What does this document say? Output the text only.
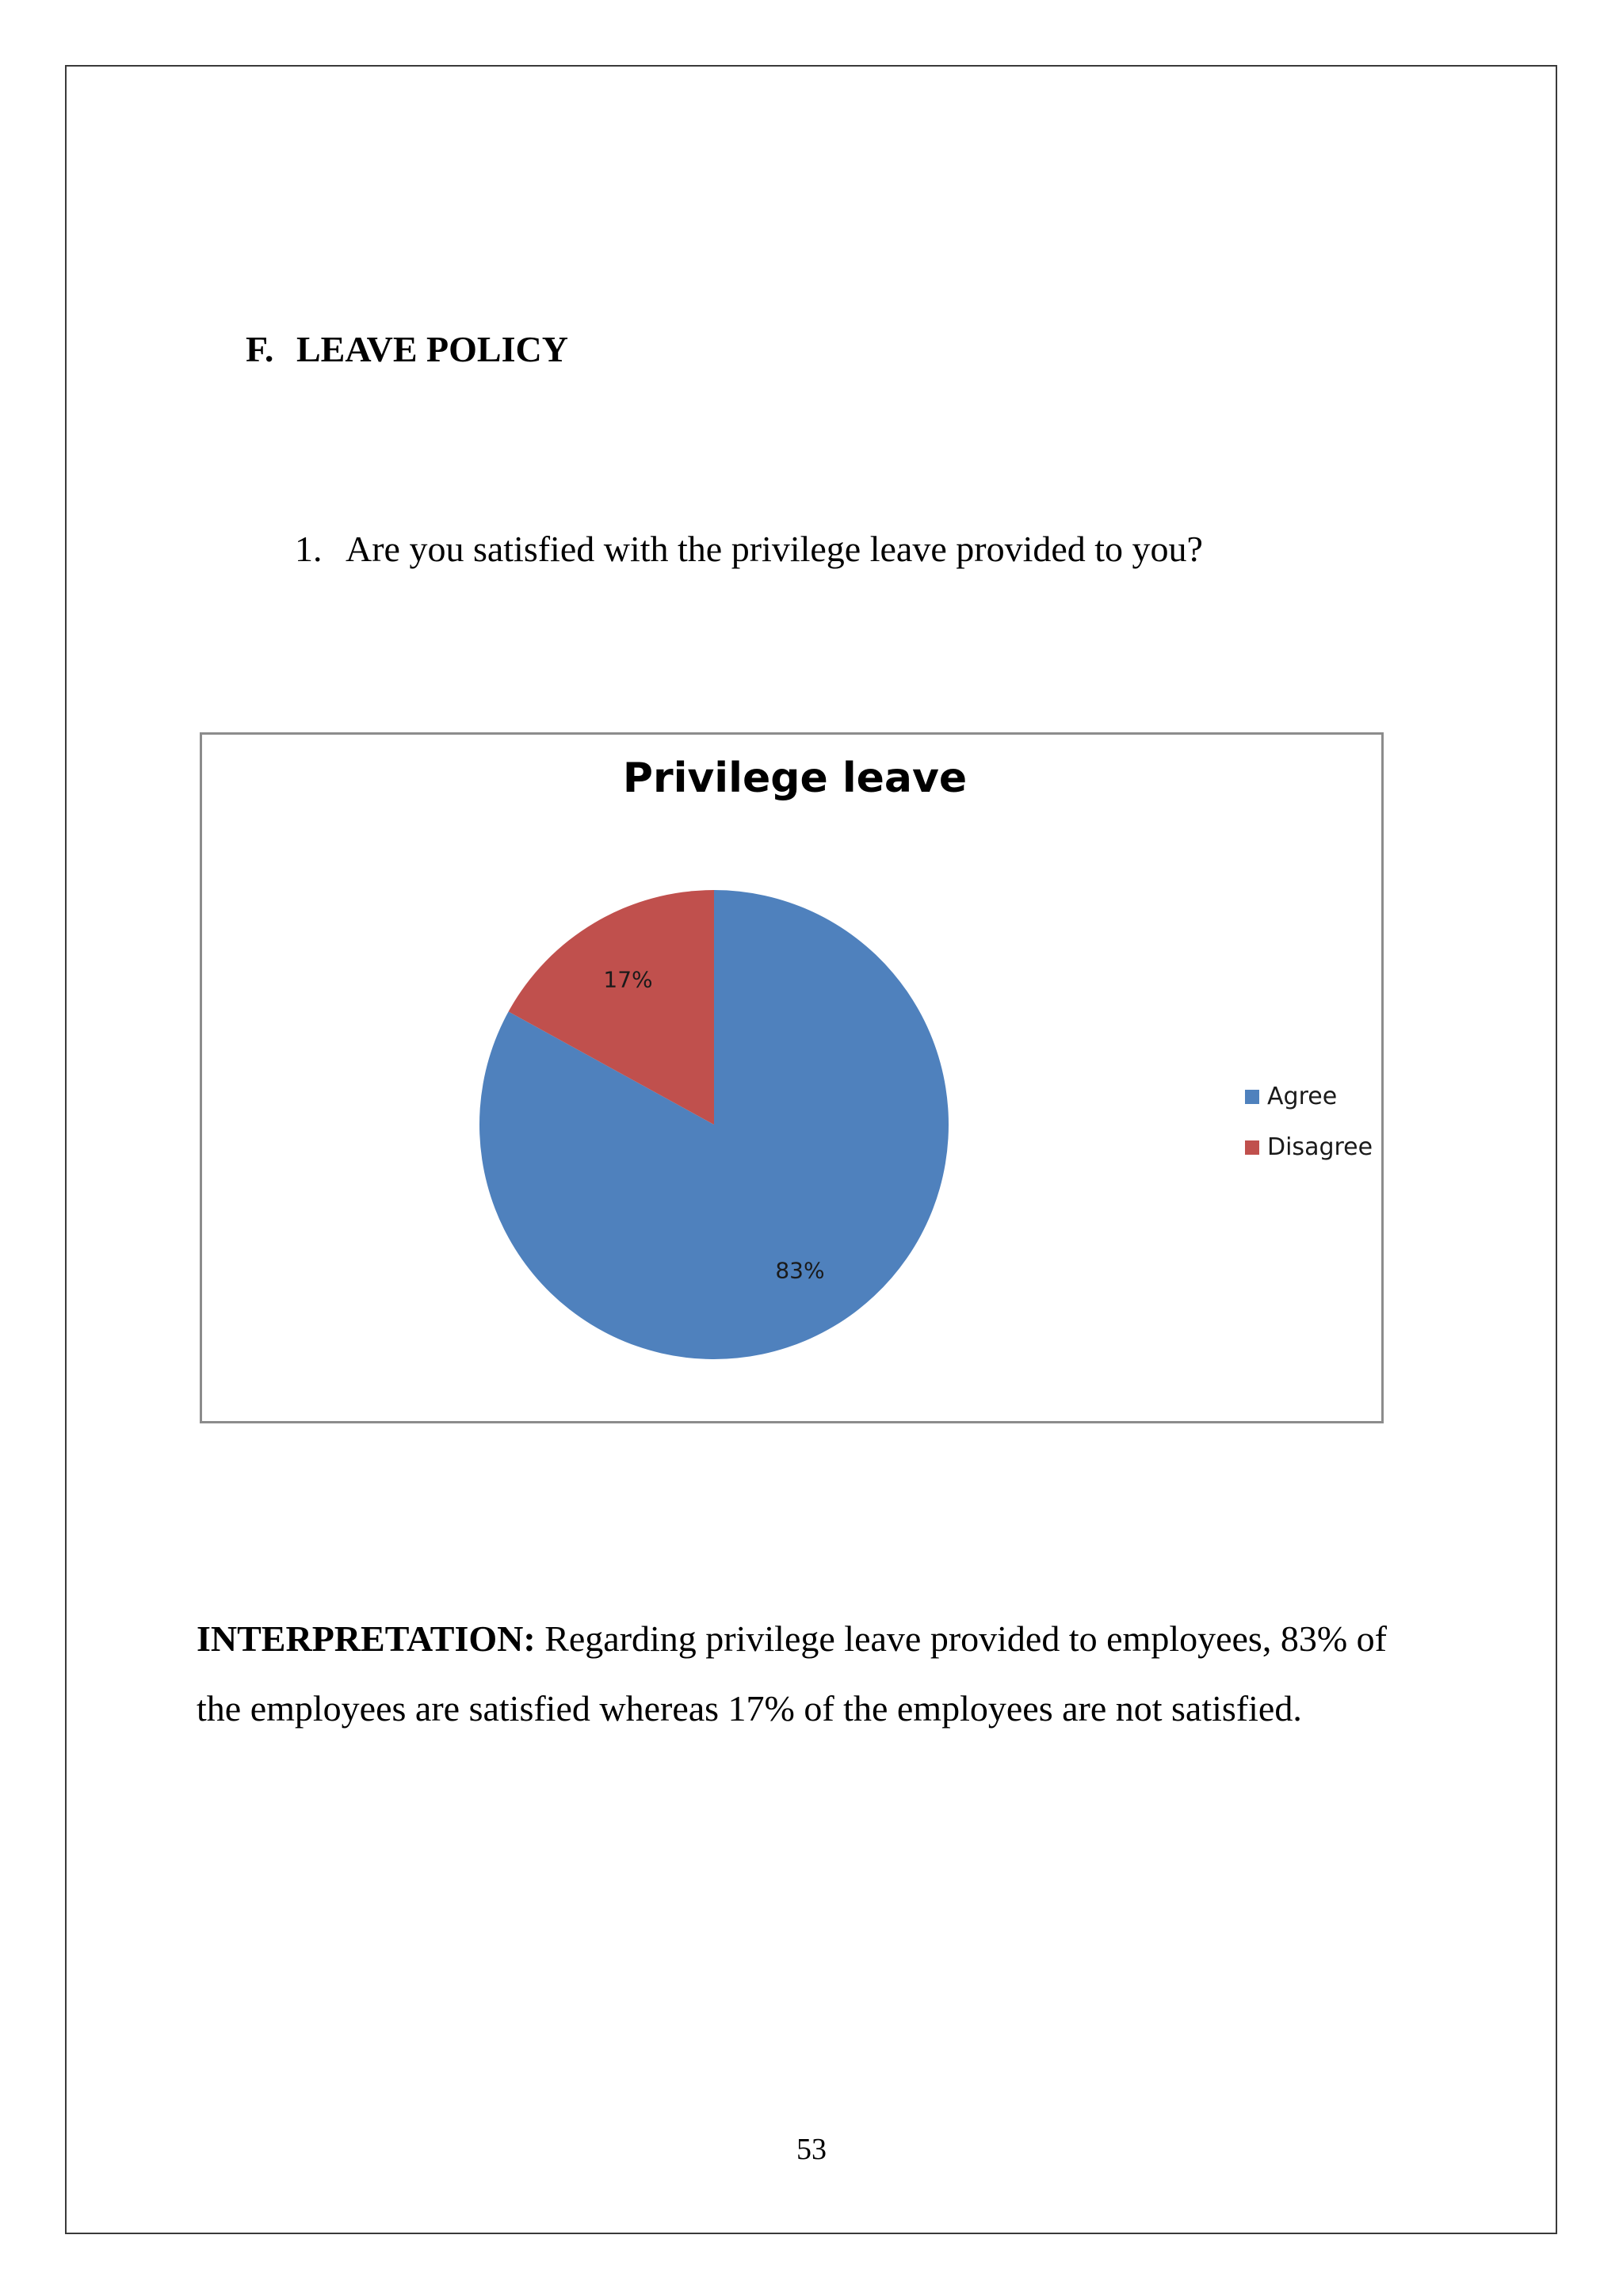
F. LEAVE POLICY
1. Are you satisfied with the privilege leave provided to you?
Privilege leave
83%
17%
Agree
Disagree
INTERPRETATION: Regarding privilege leave provided to employees, 83% of the employees are satisfied whereas 17% of the employees are not satisfied.
53
